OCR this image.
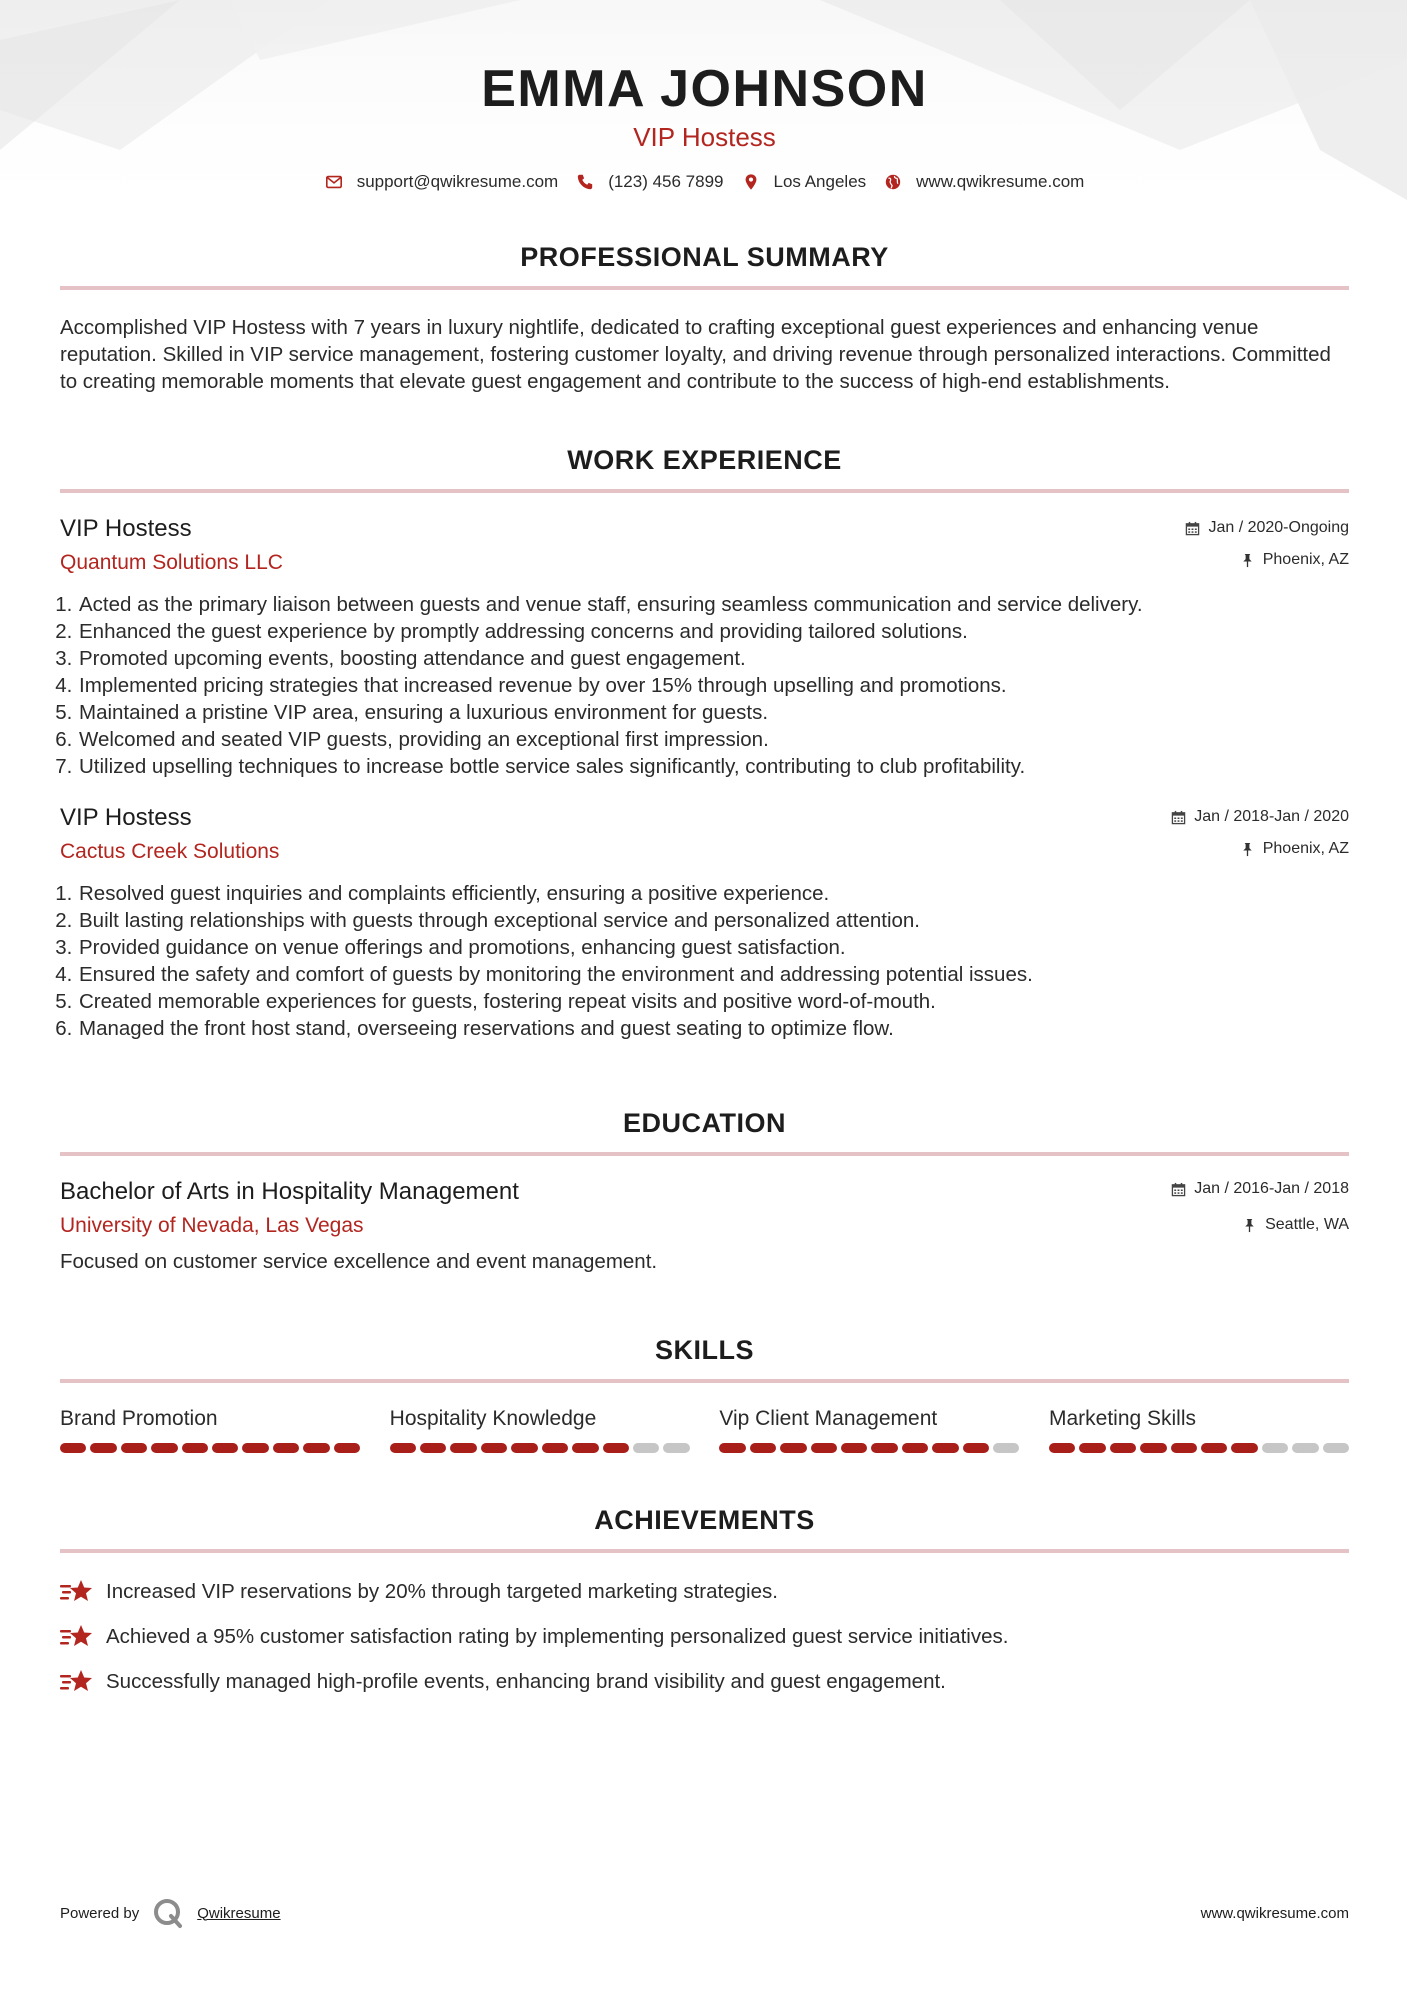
EMMA JOHNSON
VIP Hostess
support@qwikresume.com	(123) 456 7899	Los Angeles	www.qwikresume.com
PROFESSIONAL SUMMARY
Accomplished VIP Hostess with 7 years in luxury nightlife, dedicated to crafting exceptional guest experiences and enhancing venue reputation. Skilled in VIP service management, fostering customer loyalty, and driving revenue through personalized interactions. Committed to creating memorable moments that elevate guest engagement and contribute to the success of high-end establishments.
WORK EXPERIENCE
VIP Hostess
Quantum Solutions LLC
Jan / 2020-Ongoing
Phoenix, AZ
1. Acted as the primary liaison between guests and venue staff, ensuring seamless communication and service delivery.
2. Enhanced the guest experience by promptly addressing concerns and providing tailored solutions.
3. Promoted upcoming events, boosting attendance and guest engagement.
4. Implemented pricing strategies that increased revenue by over 15% through upselling and promotions.
5. Maintained a pristine VIP area, ensuring a luxurious environment for guests.
6. Welcomed and seated VIP guests, providing an exceptional first impression.
7. Utilized upselling techniques to increase bottle service sales significantly, contributing to club profitability.
VIP Hostess
Cactus Creek Solutions
Jan / 2018-Jan / 2020
Phoenix, AZ
1. Resolved guest inquiries and complaints efficiently, ensuring a positive experience.
2. Built lasting relationships with guests through exceptional service and personalized attention.
3. Provided guidance on venue offerings and promotions, enhancing guest satisfaction.
4. Ensured the safety and comfort of guests by monitoring the environment and addressing potential issues.
5. Created memorable experiences for guests, fostering repeat visits and positive word-of-mouth.
6. Managed the front host stand, overseeing reservations and guest seating to optimize flow.
EDUCATION
Bachelor of Arts in Hospitality Management
University of Nevada, Las Vegas
Jan / 2016-Jan / 2018
Seattle, WA
Focused on customer service excellence and event management.
SKILLS
Brand Promotion	Hospitality Knowledge	Vip Client Management	Marketing Skills
ACHIEVEMENTS
Increased VIP reservations by 20% through targeted marketing strategies.
Achieved a 95% customer satisfaction rating by implementing personalized guest service initiatives.
Successfully managed high-profile events, enhancing brand visibility and guest engagement.
Powered by	Qwikresume	www.qwikresume.com
